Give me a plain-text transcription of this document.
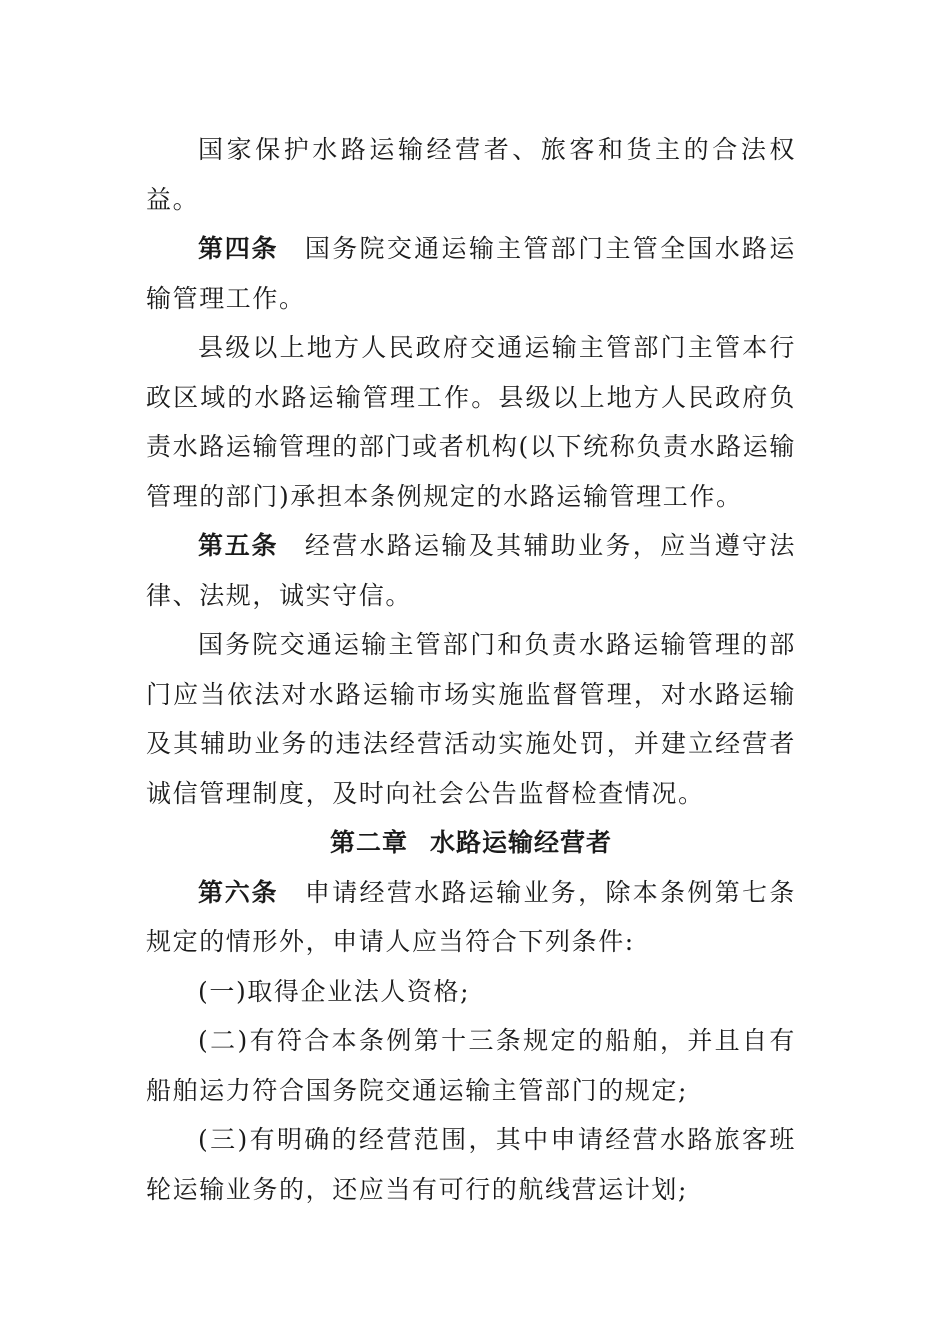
国家保护水路运输经营者、旅客和货主的合法权益。

第四条 国务院交通运输主管部门主管全国水路运输管理工作。

县级以上地方人民政府交通运输主管部门主管本行政区域的水路运输管理工作。县级以上地方人民政府负责水路运输管理的部门或者机构(以下统称负责水路运输管理的部门)承担本条例规定的水路运输管理工作。

第五条 经营水路运输及其辅助业务，应当遵守法律、法规，诚实守信。

国务院交通运输主管部门和负责水路运输管理的部门应当依法对水路运输市场实施监督管理，对水路运输及其辅助业务的违法经营活动实施处罚，并建立经营者诚信管理制度，及时向社会公告监督检查情况。

第二章 水路运输经营者

第六条 申请经营水路运输业务，除本条例第七条规定的情形外，申请人应当符合下列条件:

(一)取得企业法人资格;

(二)有符合本条例第十三条规定的船舶，并且自有船舶运力符合国务院交通运输主管部门的规定;

(三)有明确的经营范围，其中申请经营水路旅客班轮运输业务的，还应当有可行的航线营运计划;
